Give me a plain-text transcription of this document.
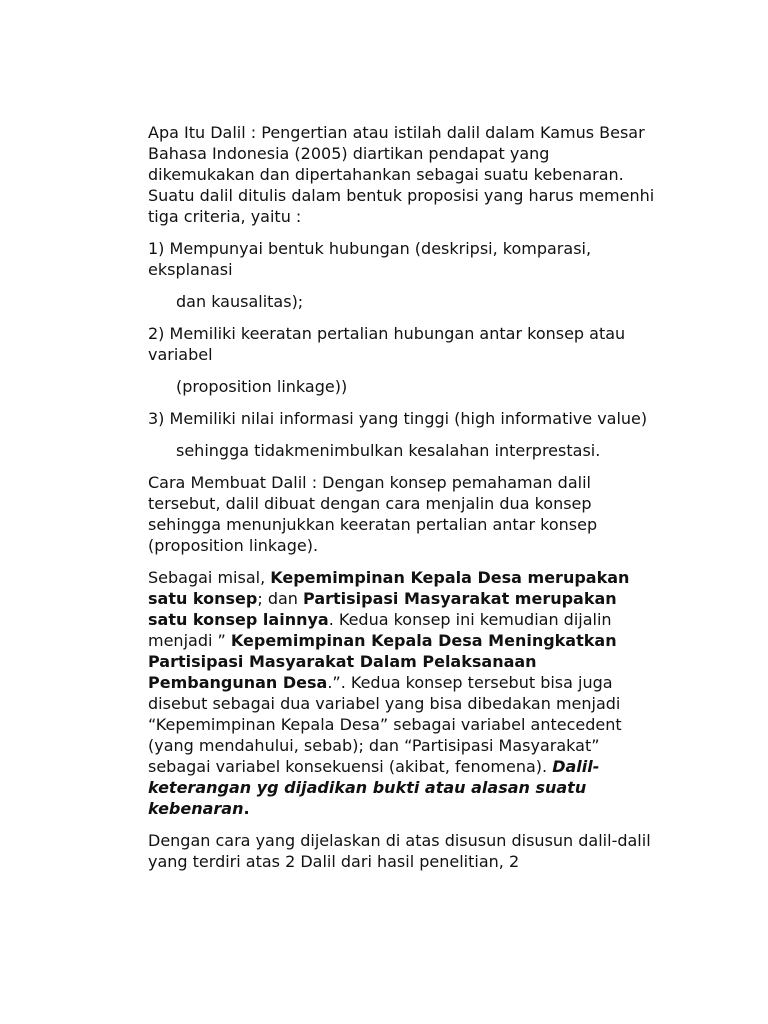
Apa Itu Dalil : Pengertian atau istilah dalil dalam Kamus Besar Bahasa Indonesia (2005) diartikan pendapat yang dikemukakan dan dipertahankan sebagai suatu kebenaran. Suatu dalil ditulis dalam bentuk proposisi yang harus memenhi tiga criteria, yaitu :

1) Mempunyai bentuk hubungan (deskripsi, komparasi, eksplanasi

dan kausalitas);

2) Memiliki keeratan pertalian hubungan antar konsep atau variabel

(proposition linkage))

3) Memiliki nilai informasi yang tinggi (high informative value)

sehingga tidakmenimbulkan kesalahan interprestasi.

Cara Membuat Dalil : Dengan konsep pemahaman dalil tersebut, dalil dibuat dengan cara menjalin dua konsep sehingga menunjukkan keeratan pertalian antar konsep (proposition linkage).

Sebagai misal, Kepemimpinan Kepala Desa merupakan satu konsep; dan Partisipasi Masyarakat merupakan satu konsep lainnya. Kedua konsep ini kemudian dijalin menjadi ” Kepemimpinan Kepala Desa Meningkatkan Partisipasi Masyarakat Dalam Pelaksanaan Pembangunan Desa.”. Kedua konsep tersebut bisa juga disebut sebagai dua variabel yang bisa dibedakan menjadi “Kepemimpinan Kepala Desa” sebagai variabel antecedent (yang mendahului, sebab); dan “Partisipasi Masyarakat” sebagai variabel konsekuensi (akibat, fenomena). Dalil- keterangan yg dijadikan bukti atau alasan suatu kebenaran.

Dengan cara yang dijelaskan di atas disusun disusun dalil-dalil yang terdiri atas 2 Dalil dari hasil penelitian, 2
